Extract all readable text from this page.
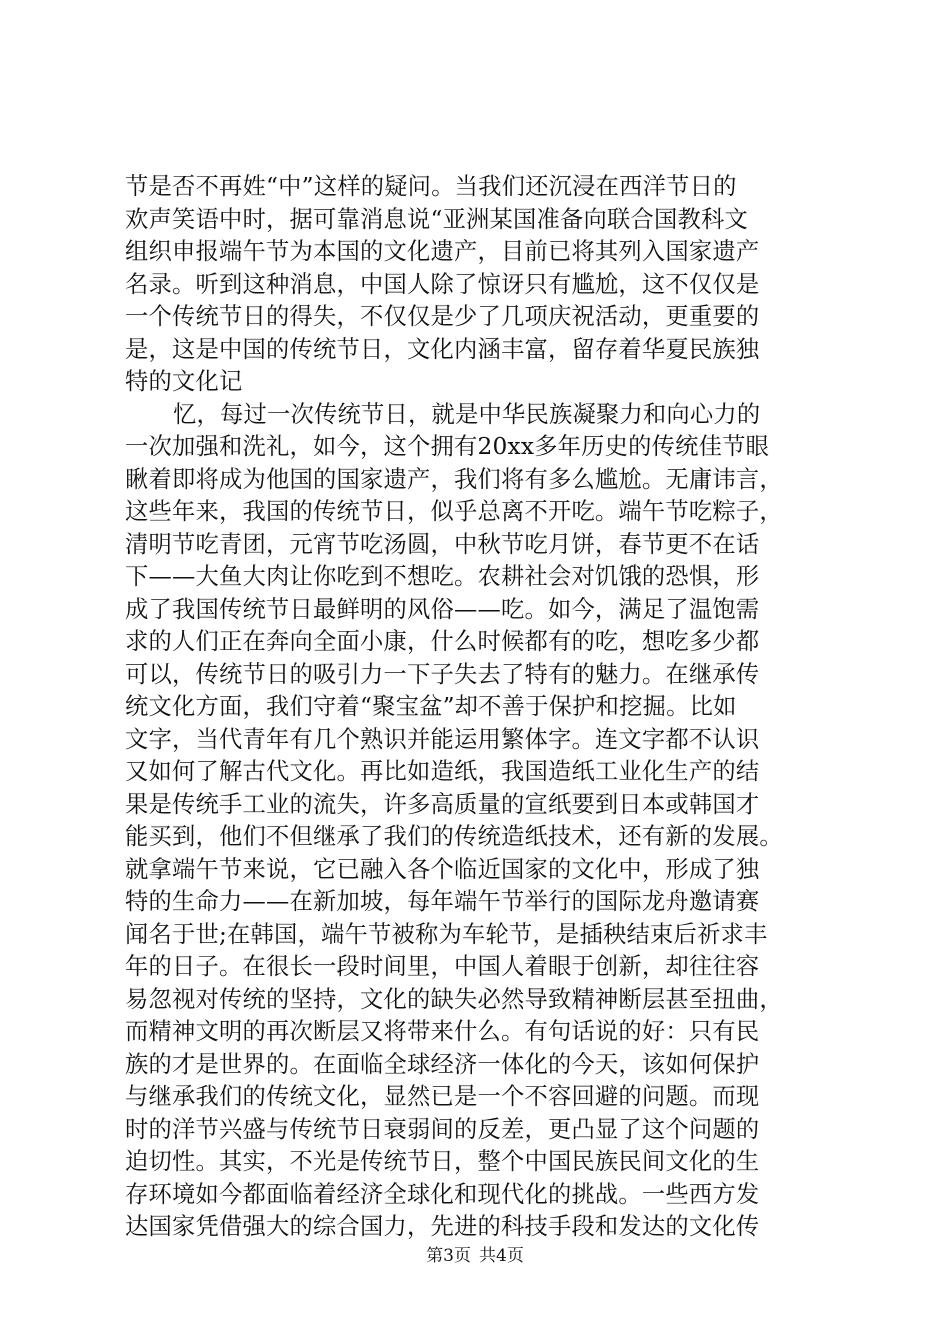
节是否不再姓“中”这样的疑问。当我们还沉浸在西洋节日的
欢声笑语中时，据可靠消息说“亚洲某国准备向联合国教科文
组织申报端午节为本国的文化遗产，目前已将其列入国家遗产
名录。听到这种消息，中国人除了惊讶只有尴尬，这不仅仅是
一个传统节日的得失，不仅仅是少了几项庆祝活动，更重要的
是，这是中国的传统节日，文化内涵丰富，留存着华夏民族独
特的文化记
忆，每过一次传统节日，就是中华民族凝聚力和向心力的
一次加强和洗礼，如今，这个拥有20xx多年历史的传统佳节眼
瞅着即将成为他国的国家遗产，我们将有多么尴尬。无庸讳言，
这些年来，我国的传统节日，似乎总离不开吃。端午节吃粽子，
清明节吃青团，元宵节吃汤圆，中秋节吃月饼，春节更不在话
下——大鱼大肉让你吃到不想吃。农耕社会对饥饿的恐惧，形
成了我国传统节日最鲜明的风俗——吃。如今，满足了温饱需
求的人们正在奔向全面小康，什么时候都有的吃，想吃多少都
可以，传统节日的吸引力一下子失去了特有的魅力。在继承传
统文化方面，我们守着“聚宝盆”却不善于保护和挖掘。比如
文字，当代青年有几个熟识并能运用繁体字。连文字都不认识
又如何了解古代文化。再比如造纸，我国造纸工业化生产的结
果是传统手工业的流失，许多高质量的宣纸要到日本或韩国才
能买到，他们不但继承了我们的传统造纸技术，还有新的发展。
就拿端午节来说，它已融入各个临近国家的文化中，形成了独
特的生命力——在新加坡，每年端午节举行的国际龙舟邀请赛
闻名于世;在韩国，端午节被称为车轮节，是插秧结束后祈求丰
年的日子。在很长一段时间里，中国人着眼于创新，却往往容
易忽视对传统的坚持，文化的缺失必然导致精神断层甚至扭曲，
而精神文明的再次断层又将带来什么。有句话说的好：只有民
族的才是世界的。在面临全球经济一体化的今天，该如何保护
与继承我们的传统文化，显然已是一个不容回避的问题。而现
时的洋节兴盛与传统节日衰弱间的反差，更凸显了这个问题的
迫切性。其实，不光是传统节日，整个中国民族民间文化的生
存环境如今都面临着经济全球化和现代化的挑战。一些西方发
达国家凭借强大的综合国力，先进的科技手段和发达的文化传
第3页 共4页
